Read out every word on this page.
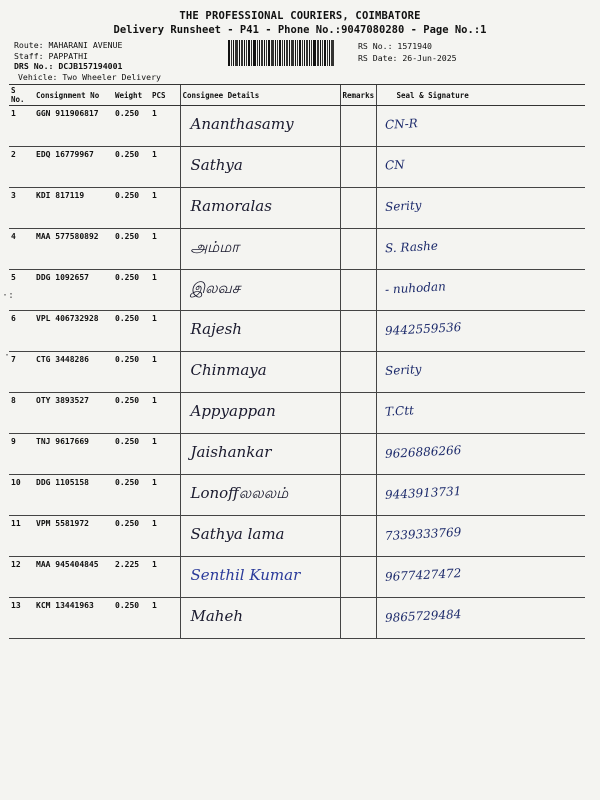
THE PROFESSIONAL COURIERS, COIMBATORE
Delivery Runsheet - P41 - Phone No.:9047080280 - Page No.:1
Route: MAHARANI AVENUE
Staff: PAPPATHI
DRS No.: DCJB157194001
RS No.: 1571940
RS Date: 26-Jun-2025
Vehicle: Two Wheeler Delivery
S No.	Consignment No	Weight	PCS	Consignee Details	Remarks	Seal & Signature
1	GGN 911906817	0.250	1	Ananthasamy		CN-R
2	EDQ 16779967	0.250	1	Sathya		CN
3	KDI 817119	0.250	1	Ramoralas		Serity
4	MAA 577580892	0.250	1	அம்மா		S. Rashe
5	DDG 1092657	0.250	1	இலவச		- nuhodan
6	VPL 406732928	0.250	1	Rajesh		9442559536
7	CTG 3448286	0.250	1	Chinmaya		Serity
8	OTY 3893527	0.250	1	Appyappan		T.Ctt
9	TNJ 9617669	0.250	1	Jaishankar		9626886266
10	DDG 1105158	0.250	1	Lonoffலலலம்		9443913731
11	VPM 5581972	0.250	1	Sathya lama		7339333769
12	MAA 945404845	2.225	1	Senthil Kumar		9677427472
13	KCM 13441963	0.250	1	Maheh		9865729484
·:
·
